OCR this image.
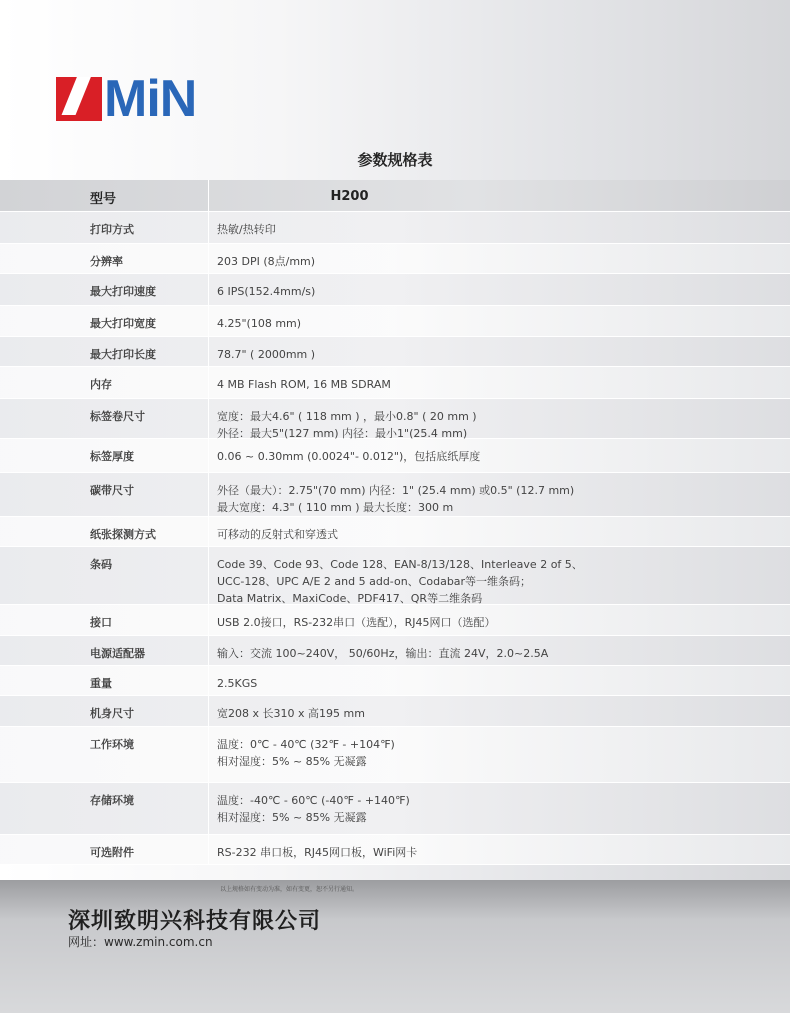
MiN
参数规格表
型号	H200
打印方式	热敏/热转印
分辨率	203 DPI (8点/mm)
最大打印速度	6 IPS(152.4mm/s)
最大打印宽度	4.25"(108 mm)
最大打印长度	78.7" ( 2000mm )
内存	4 MB Flash ROM, 16 MB SDRAM
标签卷尺寸	宽度：最大4.6" ( 118 mm ) ，最小0.8" ( 20 mm )
外径：最大5"(127 mm) 内径：最小1"(25.4 mm)
标签厚度	0.06 ~ 0.30mm (0.0024"- 0.012")，包括底纸厚度
碳带尺寸	外径（最大）：2.75"(70 mm) 内径：1" (25.4 mm) 或0.5" (12.7 mm)
最大宽度：4.3" ( 110 mm ) 最大长度：300 m
纸张探测方式	可移动的反射式和穿透式
条码	Code 39、Code 93、Code 128、EAN-8/13/128、Interleave 2 of 5、
UCC-128、UPC A/E 2 and 5 add-on、Codabar等一维条码；
Data Matrix、MaxiCode、PDF417、QR等二维条码
接口	USB 2.0接口，RS-232串口（选配），RJ45网口（选配）
电源适配器	输入：交流 100~240V， 50/60Hz，输出：直流 24V，2.0~2.5A
重量	2.5KGS
机身尺寸	宽208 x 长310 x 高195 mm
工作环境	温度：0℃ - 40℃ (32℉ - +104℉)
相对湿度：5% ~ 85% 无凝露
存储环境	温度：-40℃ - 60℃ (-40℉ - +140℉)
相对湿度：5% ~ 85% 无凝露
可选附件	RS-232 串口板，RJ45网口板，WiFi网卡
以上规格如有变动为准，如有变更，恕不另行通知。
深圳致明兴科技有限公司
网址：www.zmin.com.cn
